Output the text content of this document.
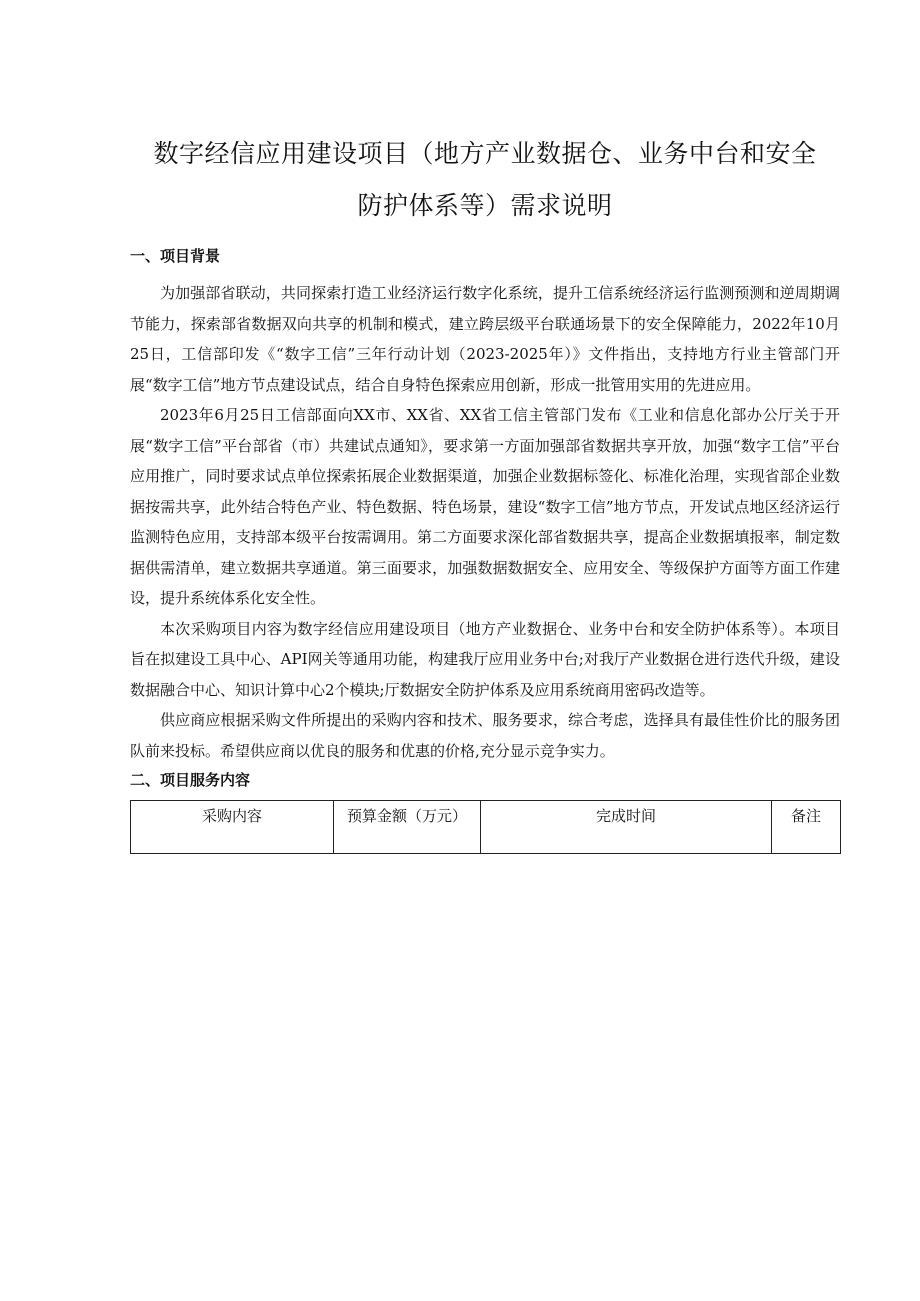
数字经信应用建设项目（地方产业数据仓、业务中台和安全
防护体系等）需求说明
一、项目背景

为加强部省联动，共同探索打造工业经济运行数字化系统，提升工信系统经济运行监测预测和逆周期调节能力，探索部省数据双向共享的机制和模式，建立跨层级平台联通场景下的安全保障能力，2022年10月25日，工信部印发《“数字工信”三年行动计划（2023-2025年）》文件指出，支持地方行业主管部门开展“数字工信”地方节点建设试点，结合自身特色探索应用创新，形成一批管用实用的先进应用。

2023年6月25日工信部面向XX市、XX省、XX省工信主管部门发布《工业和信息化部办公厅关于开展“数字工信”平台部省（市）共建试点通知》，要求第一方面加强部省数据共享开放，加强“数字工信”平台应用推广，同时要求试点单位探索拓展企业数据渠道，加强企业数据标签化、标准化治理，实现省部企业数据按需共享，此外结合特色产业、特色数据、特色场景，建设“数字工信”地方节点，开发试点地区经济运行监测特色应用，支持部本级平台按需调用。第二方面要求深化部省数据共享，提高企业数据填报率，制定数据供需清单，建立数据共享通道。第三面要求，加强数据数据安全、应用安全、等级保护方面等方面工作建设，提升系统体系化安全性。

本次采购项目内容为数字经信应用建设项目（地方产业数据仓、业务中台和安全防护体系等）。本项目旨在拟建设工具中心、API网关等通用功能，构建我厅应用业务中台;对我厅产业数据仓进行迭代升级，建设数据融合中心、知识计算中心2个模块;厅数据安全防护体系及应用系统商用密码改造等。

供应商应根据采购文件所提出的采购内容和技术、服务要求，综合考虑，选择具有最佳性价比的服务团队前来投标。希望供应商以优良的服务和优惠的价格,充分显示竞争实力。

二、项目服务内容
采购内容	预算金额（万元）	完成时间	备注
